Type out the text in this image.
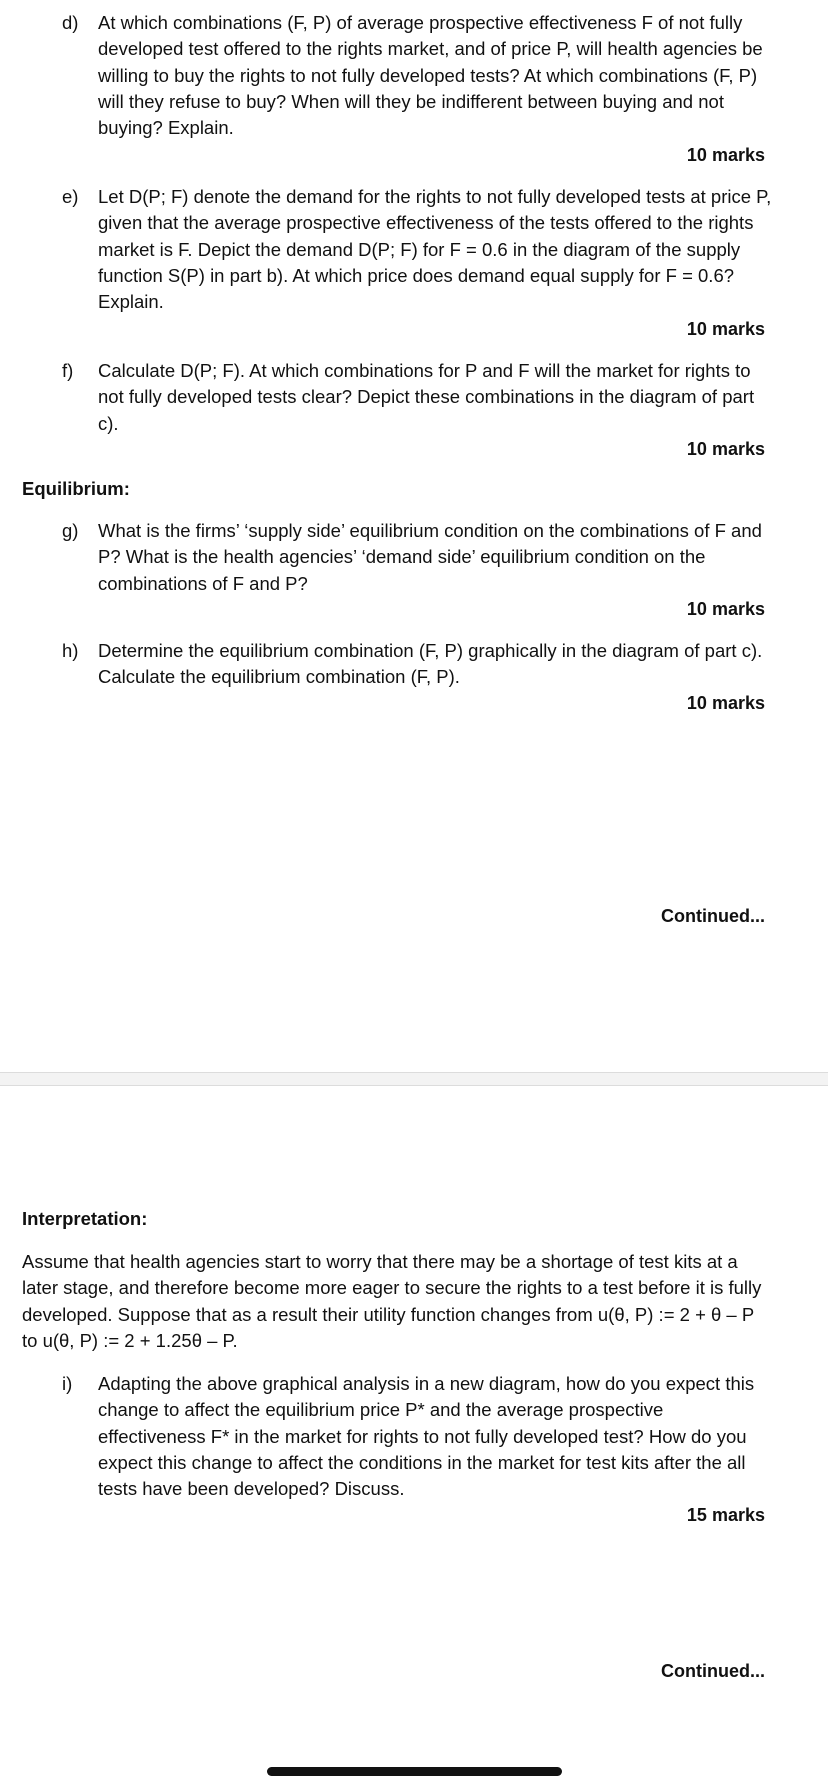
d) At which combinations (F, P) of average prospective effectiveness F of not fully developed test offered to the rights market, and of price P, will health agencies be willing to buy the rights to not fully developed tests? At which combinations (F, P) will they refuse to buy? When will they be indifferent between buying and not buying? Explain.
10 marks
e) Let D(P; F) denote the demand for the rights to not fully developed tests at price P, given that the average prospective effectiveness of the tests offered to the rights market is F. Depict the demand D(P; F) for F = 0.6 in the diagram of the supply function S(P) in part b). At which price does demand equal supply for F = 0.6? Explain.
10 marks
f) Calculate D(P; F). At which combinations for P and F will the market for rights to not fully developed tests clear? Depict these combinations in the diagram of part c).
10 marks
Equilibrium:
g) What is the firms’ ‘supply side’ equilibrium condition on the combinations of F and P? What is the health agencies’ ‘demand side’ equilibrium condition on the combinations of F and P?
10 marks
h) Determine the equilibrium combination (F, P) graphically in the diagram of part c). Calculate the equilibrium combination (F, P).
10 marks
Continued...
Interpretation:
Assume that health agencies start to worry that there may be a shortage of test kits at a later stage, and therefore become more eager to secure the rights to a test before it is fully developed. Suppose that as a result their utility function changes from u(θ, P) := 2 + θ – P to u(θ, P) := 2 + 1.25θ – P.
i) Adapting the above graphical analysis in a new diagram, how do you expect this change to affect the equilibrium price P* and the average prospective effectiveness F* in the market for rights to not fully developed test? How do you expect this change to affect the conditions in the market for test kits after the all tests have been developed? Discuss.
15 marks
Continued...
